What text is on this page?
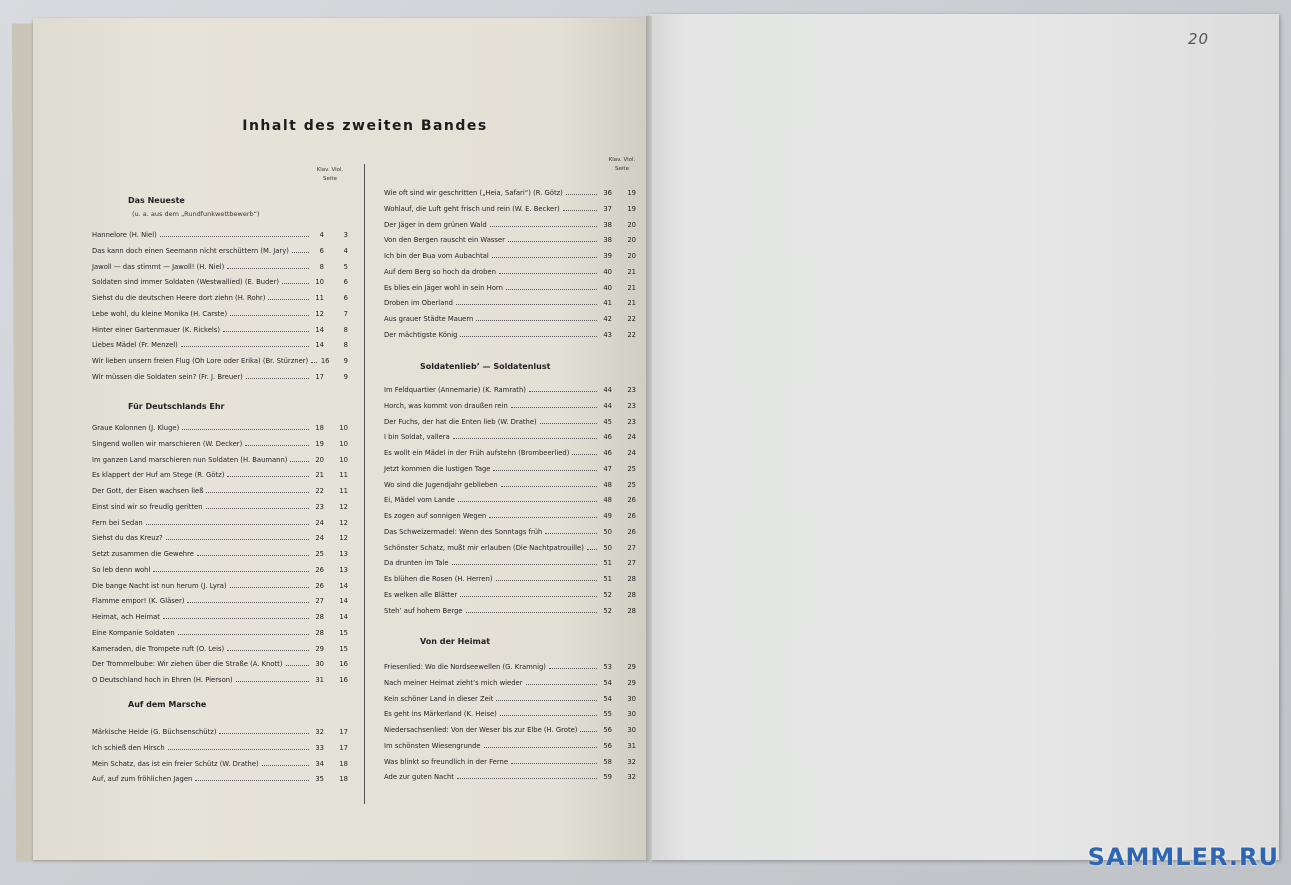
Inhalt des zweiten Bandes
Klav. Viol.
Seite
Klav. Viol.
Seite
Das Neueste
(u. a. aus dem „Rundfunkwettbewerb“)
Hannelore (H. Niel)	4	3
Das kann doch einen Seemann nicht erschüttern (M. Jary)	6	4
Jawoll — das stimmt — Jawoll! (H. Niel)	8	5
Soldaten sind immer Soldaten (Westwallied) (E. Buder)	10	6
Siehst du die deutschen Heere dort ziehn (H. Rohr)	11	6
Lebe wohl, du kleine Monika (H. Carste)	12	7
Hinter einer Gartenmauer (K. Rickels)	14	8
Liebes Mädel (Fr. Menzel)	14	8
Wir lieben unsern freien Flug (Oh Lore oder Erika) (Br. Stürzner) 16	9
Wir müssen die Soldaten sein? (Fr. J. Breuer)	17	9
Für Deutschlands Ehr
Graue Kolonnen (J. Kluge)	18	10
Singend wollen wir marschieren (W. Decker)	19	10
Im ganzen Land marschieren nun Soldaten (H. Baumann)	20	10
Es klappert der Huf am Stege (R. Götz)	21	11
Der Gott, der Eisen wachsen ließ	22	11
Einst sind wir so freudig geritten	23	12
Fern bei Sedan	24	12
Siehst du das Kreuz?	24	12
Setzt zusammen die Gewehre	25	13
So leb denn wohl	26	13
Die bange Nacht ist nun herum (J. Lyra)	26	14
Flamme empor! (K. Gläser)	27	14
Heimat, ach Heimat	28	14
Eine Kompanie Soldaten	28	15
Kameraden, die Trompete ruft (O. Leis)	29	15
Der Trommelbube: Wir ziehen über die Straße (A. Knott)	30	16
O Deutschland hoch in Ehren (H. Pierson)	31	16
Auf dem Marsche
Märkische Heide (G. Büchsenschütz)	32	17
Ich schieß den Hirsch	33	17
Mein Schatz, das ist ein freier Schütz (W. Drathe)	34	18
Auf, auf zum fröhlichen Jagen	35	18
Wie oft sind wir geschritten („Heia, Safari“) (R. Götz)	36	19
Wohlauf, die Luft geht frisch und rein (W. E. Becker)	37	19
Der Jäger in dem grünen Wald	38	20
Von den Bergen rauscht ein Wasser	38	20
Ich bin der Bua vom Aubachtal	39	20
Auf dem Berg so hoch da droben	40	21
Es blies ein Jäger wohl in sein Horn	40	21
Droben im Oberland	41	21
Aus grauer Städte Mauern	42	22
Der mächtigste König	43	22
Soldatenlieb’ — Soldatenlust
Im Feldquartier (Annemarie) (K. Ramrath)	44	23
Horch, was kommt von draußen rein	44	23
Der Fuchs, der hat die Enten lieb (W. Drathe)	45	23
I bin Soldat, vallera	46	24
Es wollt ein Mädel in der Früh aufstehn (Brombeerlied)	46	24
Jetzt kommen die lustigen Tage	47	25
Wo sind die Jugendjahr geblieben	48	25
Ei, Mädel vom Lande	48	26
Es zogen auf sonnigen Wegen	49	26
Das Schweizermadel: Wenn des Sonntags früh	50	26
Schönster Schatz, mußt mir erlauben (Die Nachtpatrouille)	50	27
Da drunten im Tale	51	27
Es blühen die Rosen (H. Herren)	51	28
Es welken alle Blätter	52	28
Steh’ auf hohem Berge	52	28
Von der Heimat
Friesenlied: Wo die Nordseewellen (G. Kramnig)	53	29
Nach meiner Heimat zieht’s mich wieder	54	29
Kein schöner Land in dieser Zeit	54	30
Es geht ins Märkerland (K. Heise)	55	30
Niedersachsenlied: Von der Weser bis zur Elbe (H. Grote)	56	30
Im schönsten Wiesengrunde	56	31
Was blinkt so freundlich in der Ferne	58	32
Ade zur guten Nacht	59	32
20
SAMMLER.RU
